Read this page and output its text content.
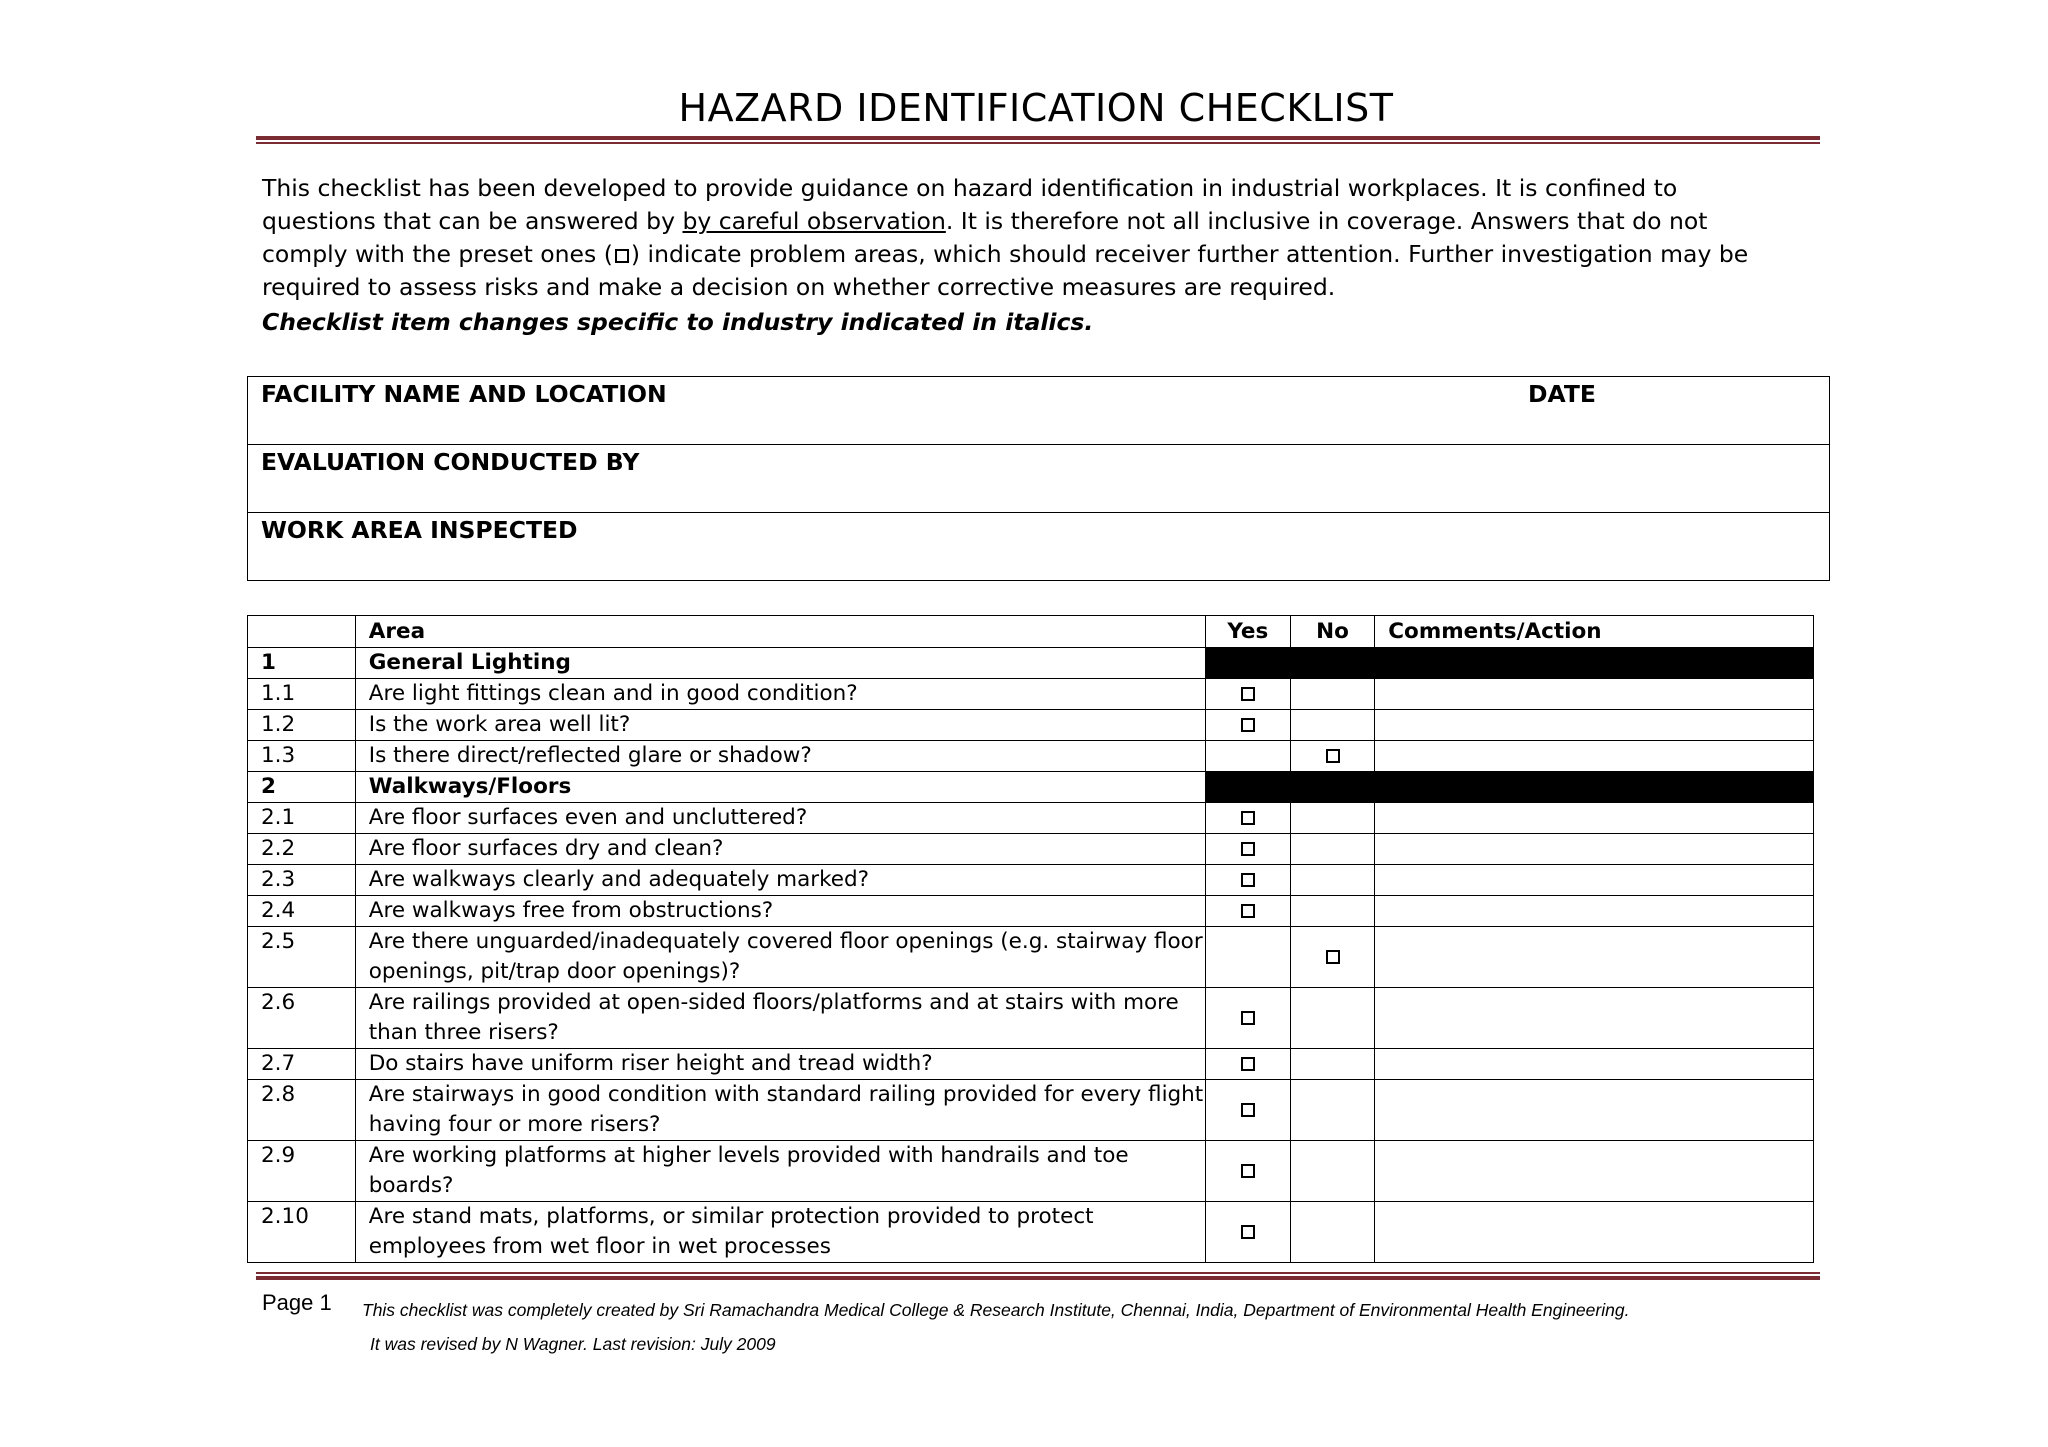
HAZARD IDENTIFICATION CHECKLIST

This checklist has been developed to provide guidance on hazard identification in industrial workplaces. It is confined to

questions that can be answered by by careful observation. It is therefore not all inclusive in coverage. Answers that do not

comply with the preset ones ( ) indicate problem areas, which should receiver further attention. Further investigation may be

required to assess risks and make a decision on whether corrective measures are required.

Checklist item changes specific to industry indicated in italics.

FACILITY NAME AND LOCATION	DATE

EVALUATION CONDUCTED BY

WORK AREA INSPECTED
	Area	Yes	No	Comments/Action
1	General Lighting			
1.1	Are light fittings clean and in good condition?			
1.2	Is the work area well lit?			
1.3	Is there direct/reflected glare or shadow?			
2	Walkways/Floors			
2.1	Are floor surfaces even and uncluttered?			
2.2	Are floor surfaces dry and clean?			
2.3	Are walkways clearly and adequately marked?			
2.4	Are walkways free from obstructions?			
2.5	Are there unguarded/inadequately covered floor openings (e.g. stairway floor openings, pit/trap door openings)?			
2.6	Are railings provided at open-sided floors/platforms and at stairs with more than three risers?			
2.7	Do stairs have uniform riser height and tread width?			
2.8	Are stairways in good condition with standard railing provided for every flight having four or more risers?			
2.9	Are working platforms at higher levels provided with handrails and toe boards?			
2.10	Are stand mats, platforms, or similar protection provided to protect employees from wet floor in wet processes			
Page 1 This checklist was completely created by Sri Ramachandra Medical College & Research Institute, Chennai, India, Department of Environmental Health Engineering.
It was revised by N Wagner. Last revision: July 2009
